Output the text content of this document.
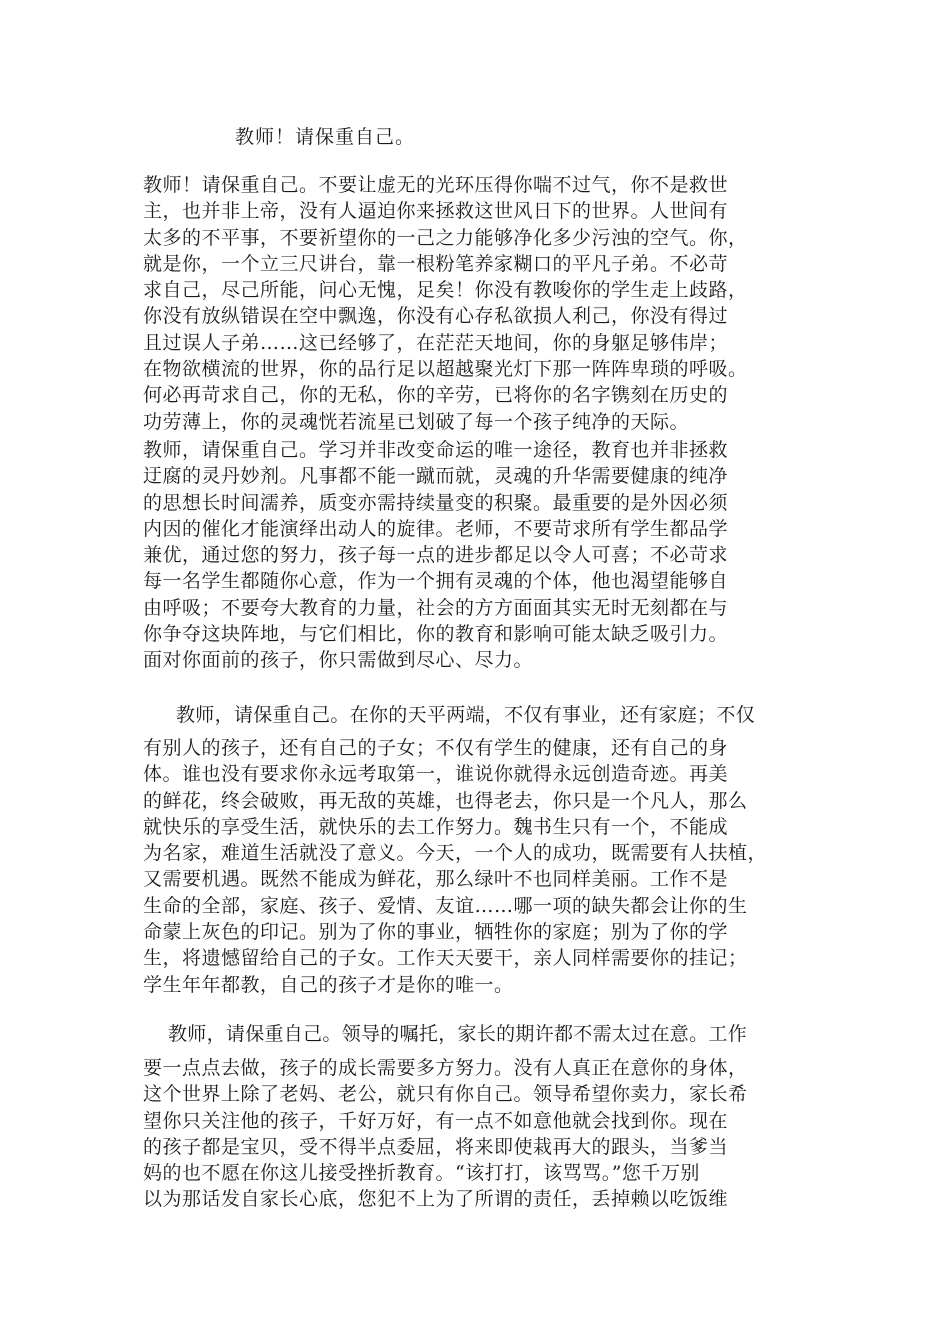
教师！请保重自己。
教师！请保重自己。不要让虚无的光环压得你喘不过气，你不是救世
主，也并非上帝，没有人逼迫你来拯救这世风日下的世界。人世间有
太多的不平事，不要祈望你的一己之力能够净化多少污浊的空气。你，
就是你，一个立三尺讲台，靠一根粉笔养家糊口的平凡子弟。不必苛
求自己，尽己所能，问心无愧，足矣！你没有教唆你的学生走上歧路，
你没有放纵错误在空中飘逸，你没有心存私欲损人利己，你没有得过
且过误人子弟……这已经够了，在茫茫天地间，你的身躯足够伟岸；
在物欲横流的世界，你的品行足以超越聚光灯下那一阵阵卑琐的呼吸。
何必再苛求自己，你的无私，你的辛劳，已将你的名字镌刻在历史的
功劳薄上，你的灵魂恍若流星已划破了每一个孩子纯净的天际。
教师，请保重自己。学习并非改变命运的唯一途径，教育也并非拯救
迂腐的灵丹妙剂。凡事都不能一蹴而就，灵魂的升华需要健康的纯净
的思想长时间濡养，质变亦需持续量变的积聚。最重要的是外因必须
内因的催化才能演绎出动人的旋律。老师，不要苛求所有学生都品学
兼优，通过您的努力，孩子每一点的进步都足以令人可喜；不必苛求
每一名学生都随你心意，作为一个拥有灵魂的个体，他也渴望能够自
由呼吸；不要夸大教育的力量，社会的方方面面其实无时无刻都在与
你争夺这块阵地，与它们相比，你的教育和影响可能太缺乏吸引力。
面对你面前的孩子，你只需做到尽心、尽力。
教师，请保重自己。在你的天平两端，不仅有事业，还有家庭；不仅
有别人的孩子，还有自己的子女；不仅有学生的健康，还有自己的身
体。谁也没有要求你永远考取第一，谁说你就得永远创造奇迹。再美
的鲜花，终会破败，再无敌的英雄，也得老去，你只是一个凡人，那么
就快乐的享受生活，就快乐的去工作努力。魏书生只有一个，不能成
为名家，难道生活就没了意义。今天，一个人的成功，既需要有人扶植，
又需要机遇。既然不能成为鲜花，那么绿叶不也同样美丽。工作不是
生命的全部，家庭、孩子、爱情、友谊……哪一项的缺失都会让你的生
命蒙上灰色的印记。别为了你的事业，牺牲你的家庭；别为了你的学
生，将遗憾留给自己的子女。工作天天要干，亲人同样需要你的挂记；
学生年年都教，自己的孩子才是你的唯一。
教师，请保重自己。领导的嘱托，家长的期许都不需太过在意。工作
要一点点去做，孩子的成长需要多方努力。没有人真正在意你的身体，
这个世界上除了老妈、老公，就只有你自己。领导希望你卖力，家长希
望你只关注他的孩子，千好万好，有一点不如意他就会找到你。现在
的孩子都是宝贝，受不得半点委屈，将来即使栽再大的跟头，当爹当
妈的也不愿在你这儿接受挫折教育。“该打打，该骂骂。”您千万别
以为那话发自家长心底，您犯不上为了所谓的责任，丢掉赖以吃饭维
